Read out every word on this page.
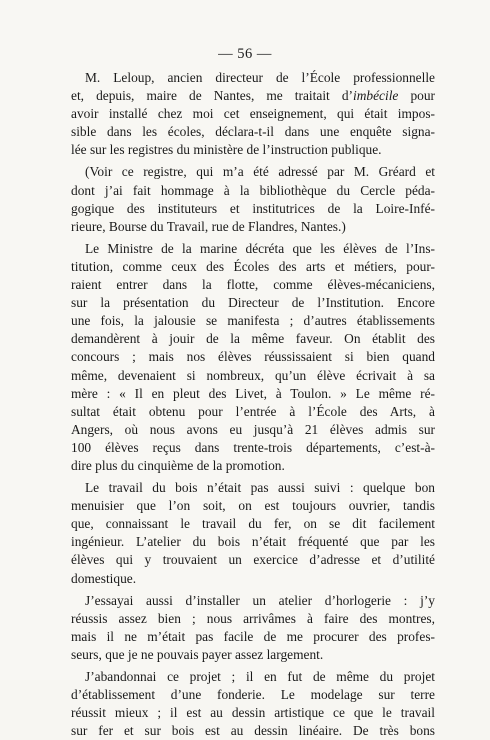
— 56 —

M. Leloup, ancien directeur de l’École professionnelle
et, depuis, maire de Nantes, me traitait d’imbécile pour
avoir installé chez moi cet enseignement, qui était impos-
sible dans les écoles, déclara-t-il dans une enquête signa-
lée sur les registres du ministère de l’instruction publique.

(Voir ce registre, qui m’a été adressé par M. Gréard et
dont j’ai fait hommage à la bibliothèque du Cercle péda-
gogique des instituteurs et institutrices de la Loire-Infé-
rieure, Bourse du Travail, rue de Flandres, Nantes.)

Le Ministre de la marine décréta que les élèves de l’Ins-
titution, comme ceux des Écoles des arts et métiers, pour-
raient entrer dans la flotte, comme élèves-mécaniciens,
sur la présentation du Directeur de l’Institution. Encore
une fois, la jalousie se manifesta ; d’autres établissements
demandèrent à jouir de la même faveur. On établit des
concours ; mais nos élèves réussissaient si bien quand
même, devenaient si nombreux, qu’un élève écrivait à sa
mère : « Il en pleut des Livet, à Toulon. » Le même ré-
sultat était obtenu pour l’entrée à l’École des Arts, à
Angers, où nous avons eu jusqu’à 21 élèves admis sur
100 élèves reçus dans trente-trois départements, c’est-à-
dire plus du cinquième de la promotion.

Le travail du bois n’était pas aussi suivi : quelque bon
menuisier que l’on soit, on est toujours ouvrier, tandis
que, connaissant le travail du fer, on se dit facilement
ingénieur. L’atelier du bois n’était fréquenté que par les
élèves qui y trouvaient un exercice d’adresse et d’utilité
domestique.

J’essayai aussi d’installer un atelier d’horlogerie : j’y
réussis assez bien ; nous arrivâmes à faire des montres,
mais il ne m’était pas facile de me procurer des profes-
seurs, que je ne pouvais payer assez largement.

J’abandonnai ce projet ; il en fut de même du projet
d’établissement d’une fonderie. Le modelage sur terre
réussit mieux ; il est au dessin artistique ce que le travail
sur fer et sur bois est au dessin linéaire. De très bons
